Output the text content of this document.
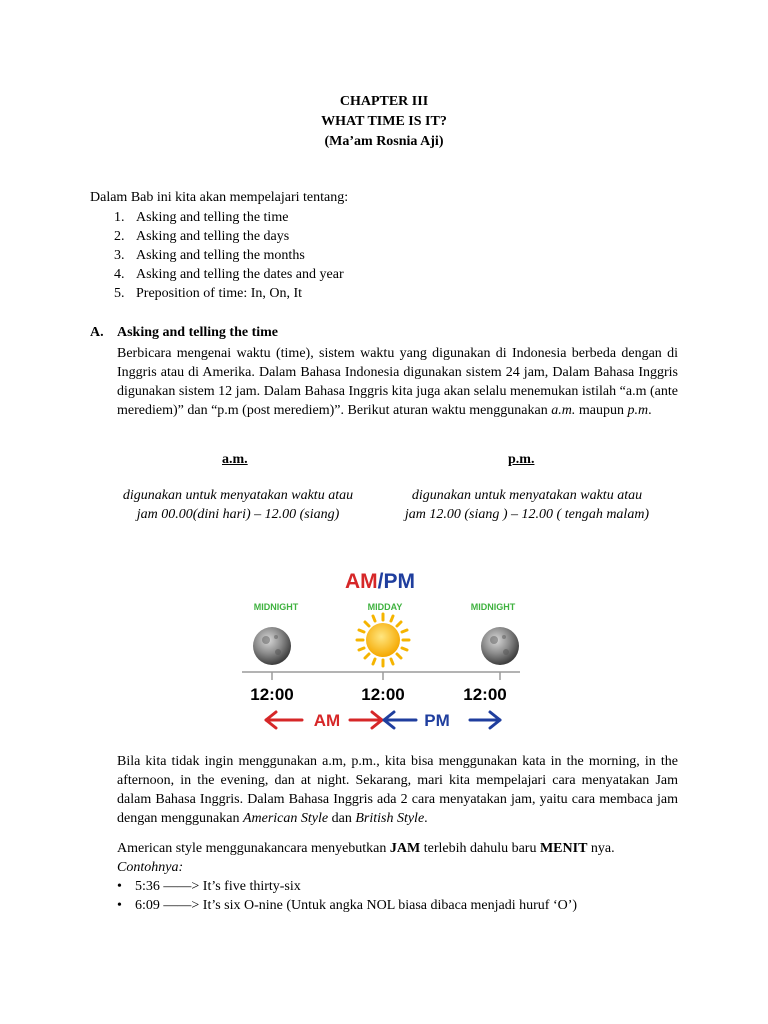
CHAPTER III
WHAT TIME IS IT?
(Ma’am Rosnia Aji)
Dalam Bab ini kita akan mempelajari tentang:
1. Asking and telling the time
2. Asking and telling the days
3. Asking and telling the months
4. Asking and telling the dates and year
5. Preposition of time: In, On, It
A. Asking and telling the time
Berbicara mengenai waktu (time), sistem waktu yang digunakan di Indonesia berbeda dengan di Inggris atau di Amerika. Dalam Bahasa Indonesia digunakan sistem 24 jam, Dalam Bahasa Inggris digunakan sistem 12 jam. Dalam Bahasa Inggris kita juga akan selalu menemukan istilah “a.m (ante merediem)” dan “p.m (post merediem)”. Berikut aturan waktu menggunakan a.m. maupun p.m.
a.m.	p.m.
digunakan untuk menyatakan waktu atau
jam 00.00(dini hari) – 12.00 (siang)
digunakan untuk menyatakan waktu atau
jam 12.00 (siang ) – 12.00 ( tengah malam)
AM/PM
MIDNIGHT	MIDDAY	MIDNIGHT
12:00	12:00	12:00
AM	PM
Bila kita tidak ingin menggunakan a.m, p.m., kita bisa menggunakan kata in the morning, in the afternoon, in the evening, dan at night. Sekarang, mari kita mempelajari cara menyatakan Jam dalam Bahasa Inggris. Dalam Bahasa Inggris ada 2 cara menyatakan jam, yaitu cara membaca jam dengan menggunakan American Style dan British Style.
American style menggunakancara menyebutkan JAM terlebih dahulu baru MENIT nya.
Contohnya:
• 5:36 ——> It’s five thirty-six
• 6:09 ——> It’s six O-nine (Untuk angka NOL biasa dibaca menjadi huruf ‘O’)
